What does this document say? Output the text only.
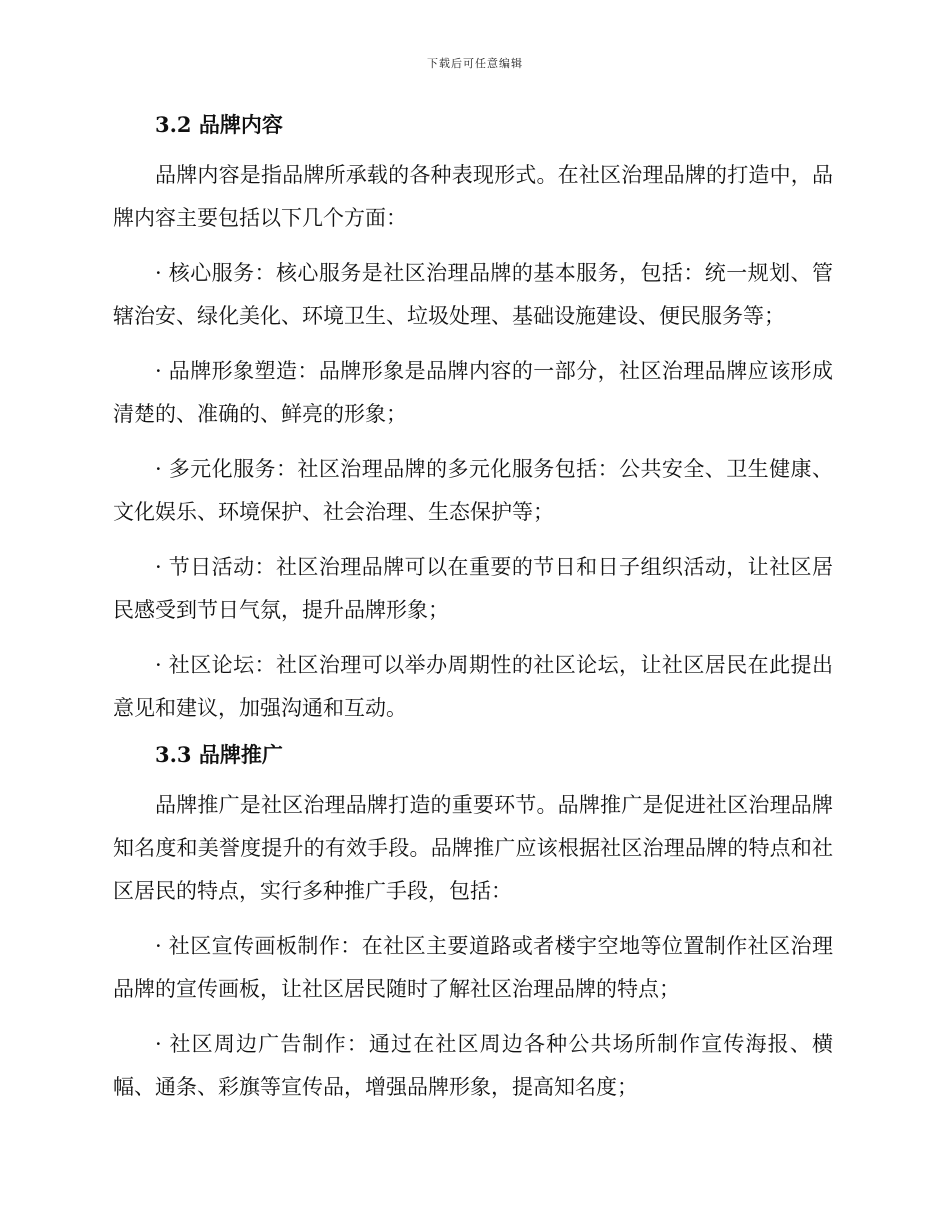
下载后可任意编辑
3.2 品牌内容

品牌内容是指品牌所承载的各种表现形式。在社区治理品牌的打造中，品牌内容主要包括以下几个方面：

· 核心服务：核心服务是社区治理品牌的基本服务，包括：统一规划、管辖治安、绿化美化、环境卫生、垃圾处理、基础设施建设、便民服务等；

· 品牌形象塑造：品牌形象是品牌内容的一部分，社区治理品牌应该形成清楚的、准确的、鲜亮的形象；

· 多元化服务：社区治理品牌的多元化服务包括：公共安全、卫生健康、文化娱乐、环境保护、社会治理、生态保护等；

· 节日活动：社区治理品牌可以在重要的节日和日子组织活动，让社区居民感受到节日气氛，提升品牌形象；

· 社区论坛：社区治理可以举办周期性的社区论坛，让社区居民在此提出意见和建议，加强沟通和互动。

3.3 品牌推广

品牌推广是社区治理品牌打造的重要环节。品牌推广是促进社区治理品牌知名度和美誉度提升的有效手段。品牌推广应该根据社区治理品牌的特点和社区居民的特点，实行多种推广手段，包括：

· 社区宣传画板制作：在社区主要道路或者楼宇空地等位置制作社区治理品牌的宣传画板，让社区居民随时了解社区治理品牌的特点；

· 社区周边广告制作：通过在社区周边各种公共场所制作宣传海报、横幅、通条、彩旗等宣传品，增强品牌形象，提高知名度；
